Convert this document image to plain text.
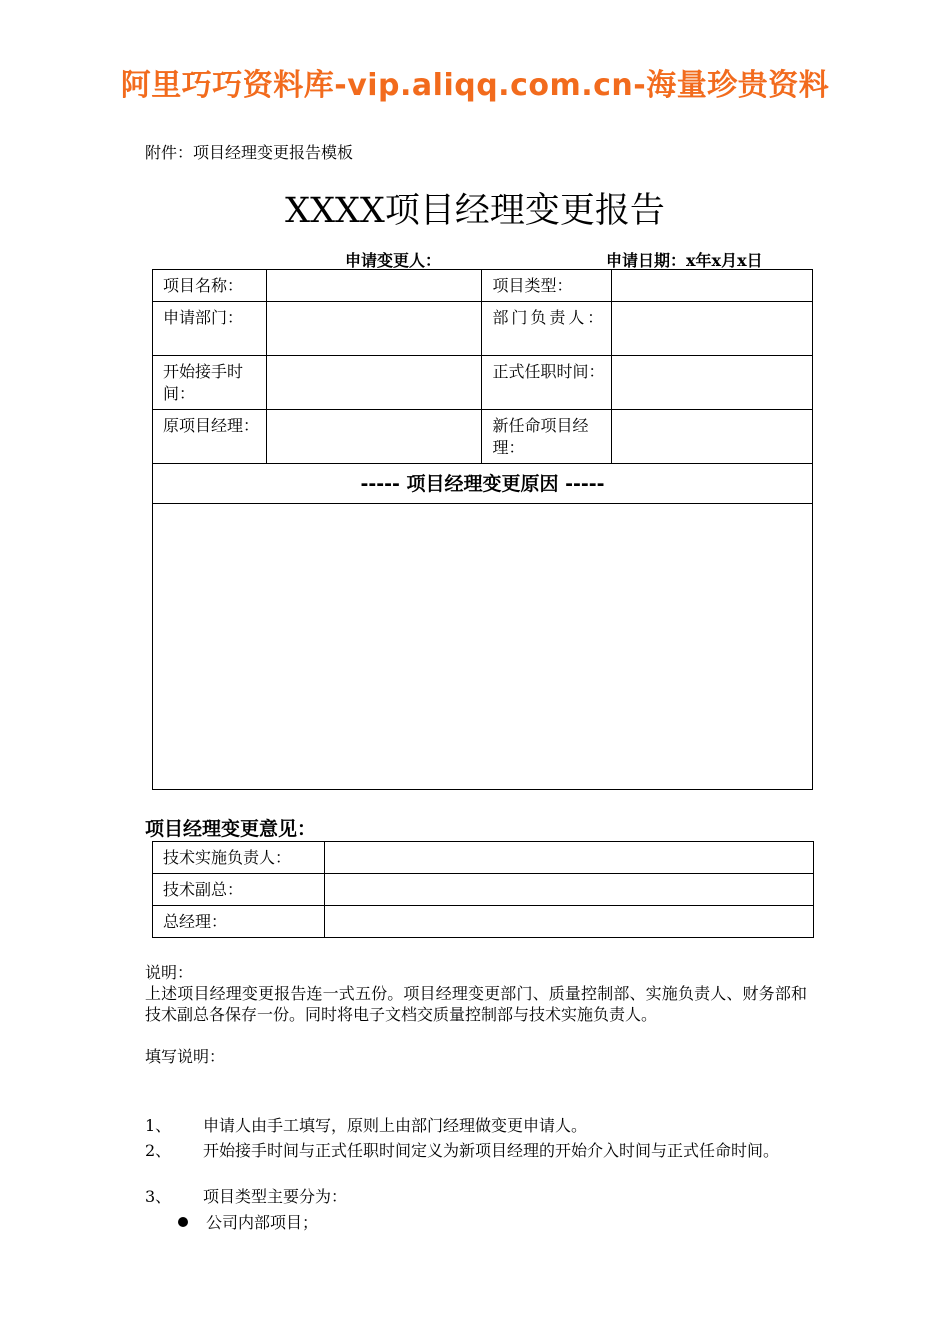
阿里巧巧资料库-vip.aliqq.com.cn-海量珍贵资料
附件：项目经理变更报告模板
XXXX项目经理变更报告
申请变更人：	申请日期：x年x月x日
项目名称：		项目类型：	
申请部门：		部门负责人：	

开始接手时间：		正式任职时间：	
原项目经理：		新任命项目经理：	
----- 项目经理变更原因 -----			

项目经理变更意见：
技术实施负责人：	
技术副总：	
总经理：	

说明：

上述项目经理变更报告连一式五份。项目经理变更部门、质量控制部、实施负责人、财务部和技术副总各保存一份。同时将电子文档交质量控制部与技术实施负责人。

填写说明：

1、 申请人由手工填写，原则上由部门经理做变更申请人。
2、 开始接手时间与正式任职时间定义为新项目经理的开始介入时间与正式任命时间。
3、 项目类型主要分为：
公司内部项目；
